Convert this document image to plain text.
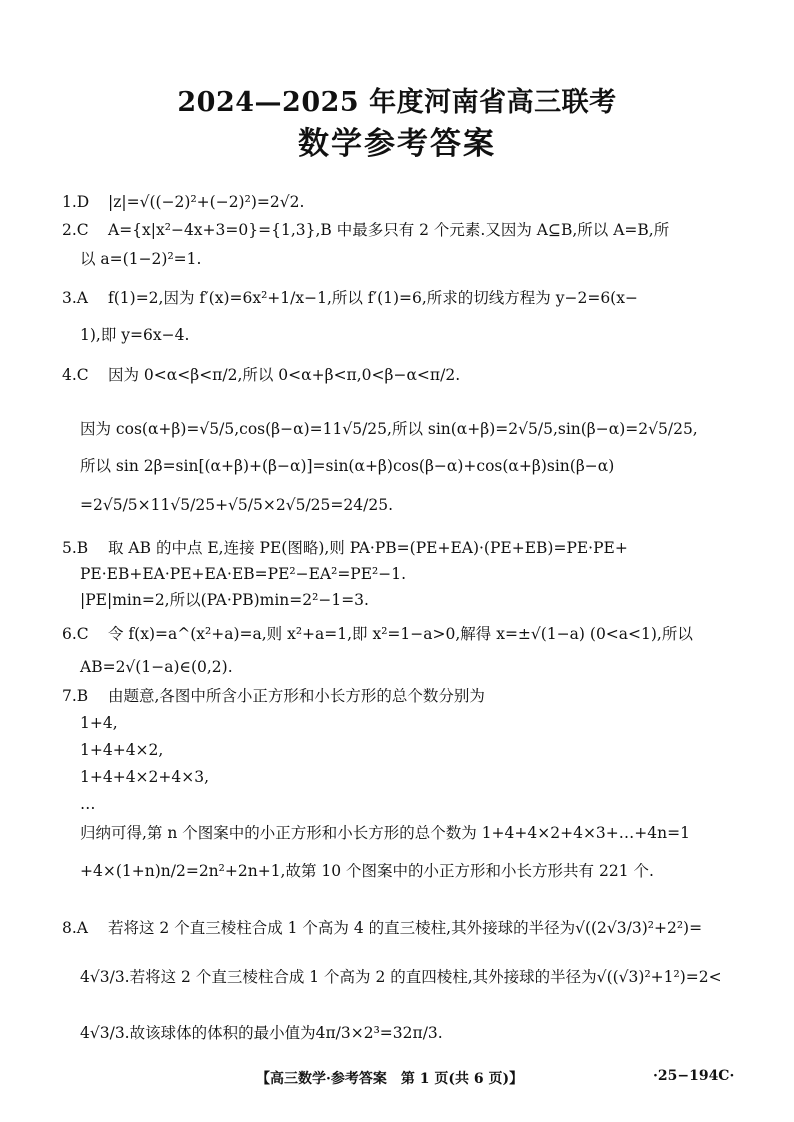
2024—2025 年度河南省高三联考
数学参考答案
1.D |z|=√((−2)²+(−2)²)=2√2.
2.C A={x|x²−4x+3=0}={1,3},B 中最多只有 2 个元素.又因为 A⊆B,所以 A=B,所
以 a=(1−2)²=1.
3.A f(1)=2,因为 f′(x)=6x²+1/x−1,所以 f′(1)=6,所求的切线方程为 y−2=6(x−
1),即 y=6x−4.
4.C 因为 0<α<β<π/2,所以 0<α+β<π,0<β−α<π/2.
因为 cos(α+β)=√5/5,cos(β−α)=11√5/25,所以 sin(α+β)=2√5/5,sin(β−α)=2√5/25,
所以 sin 2β=sin[(α+β)+(β−α)]=sin(α+β)cos(β−α)+cos(α+β)sin(β−α)
=2√5/5×11√5/25+√5/5×2√5/25=24/25.
5.B 取 AB 的中点 E,连接 PE(图略),则 PA·PB=(PE+EA)·(PE+EB)=PE·PE+
PE·EB+EA·PE+EA·EB=PE²−EA²=PE²−1.
|PE|min=2,所以(PA·PB)min=2²−1=3.
6.C 令 f(x)=a^(x²+a)=a,则 x²+a=1,即 x²=1−a>0,解得 x=±√(1−a) (0<a<1),所以
AB=2√(1−a)∈(0,2).
7.B 由题意,各图中所含小正方形和小长方形的总个数分别为
1+4,
1+4+4×2,
1+4+4×2+4×3,
…
归纳可得,第 n 个图案中的小正方形和小长方形的总个数为 1+4+4×2+4×3+…+4n=1
+4×(1+n)n/2=2n²+2n+1,故第 10 个图案中的小正方形和小长方形共有 221 个.
8.A 若将这 2 个直三棱柱合成 1 个高为 4 的直三棱柱,其外接球的半径为√((2√3/3)²+2²)=
4√3/3.若将这 2 个直三棱柱合成 1 个高为 2 的直四棱柱,其外接球的半径为√((√3)²+1²)=2<
4√3/3.故该球体的体积的最小值为4π/3×2³=32π/3.
【高三数学·参考答案　第 1 页(共 6 页)】	·25−194C·
